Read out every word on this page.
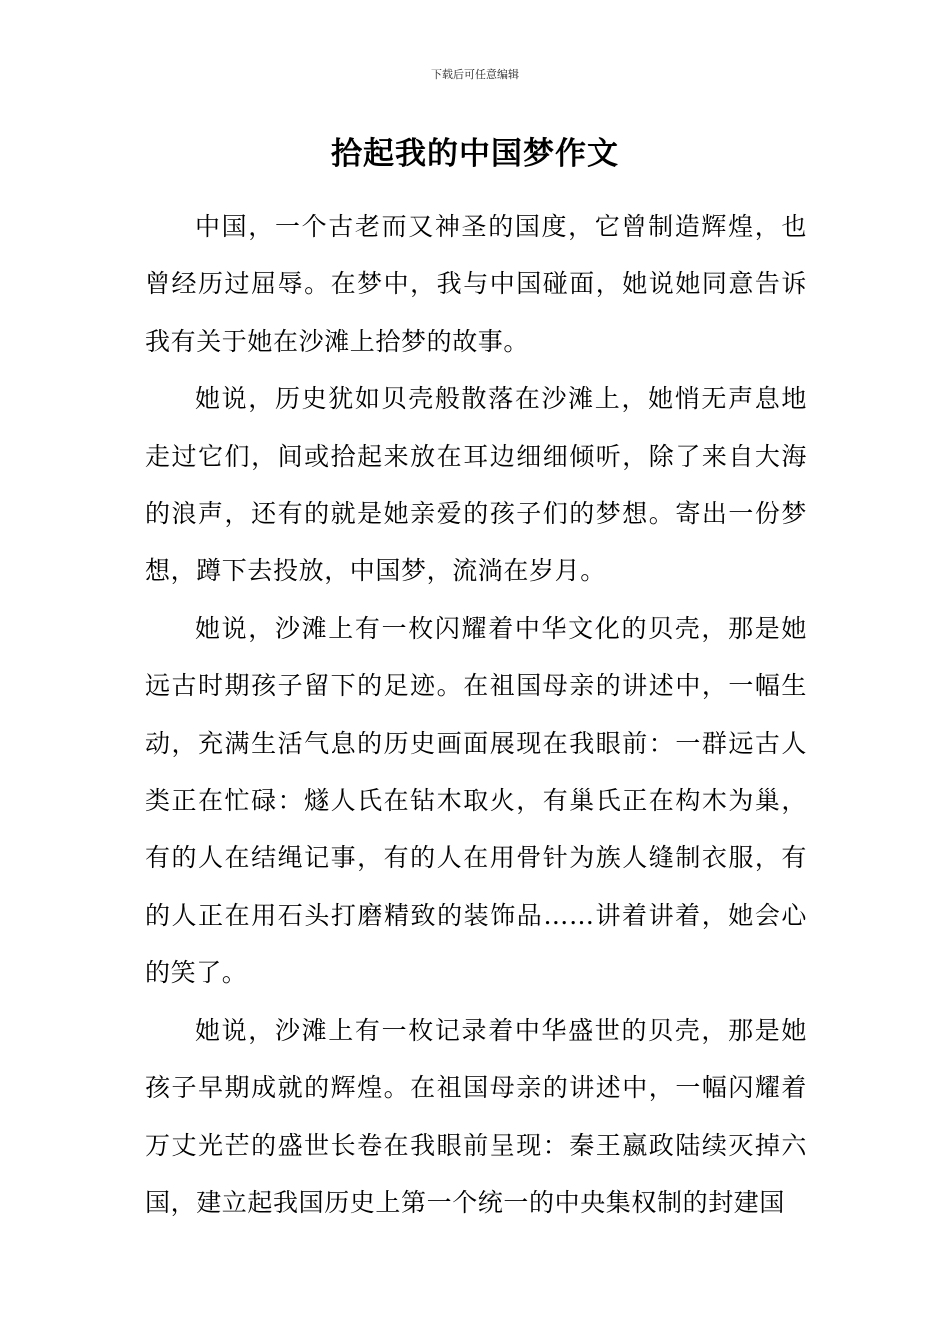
下载后可任意编辑
拾起我的中国梦作文

中国，一个古老而又神圣的国度，它曾制造辉煌，也曾经历过屈辱。在梦中，我与中国碰面，她说她同意告诉我有关于她在沙滩上拾梦的故事。

她说，历史犹如贝壳般散落在沙滩上，她悄无声息地走过它们，间或拾起来放在耳边细细倾听，除了来自大海的浪声，还有的就是她亲爱的孩子们的梦想。寄出一份梦想，蹲下去投放，中国梦，流淌在岁月。

她说，沙滩上有一枚闪耀着中华文化的贝壳，那是她远古时期孩子留下的足迹。在祖国母亲的讲述中，一幅生动，充满生活气息的历史画面展现在我眼前：一群远古人类正在忙碌：燧人氏在钻木取火，有巢氏正在构木为巢，有的人在结绳记事，有的人在用骨针为族人缝制衣服，有的人正在用石头打磨精致的装饰品……讲着讲着，她会心的笑了。

她说，沙滩上有一枚记录着中华盛世的贝壳，那是她孩子早期成就的辉煌。在祖国母亲的讲述中，一幅闪耀着万丈光芒的盛世长卷在我眼前呈现：秦王嬴政陆续灭掉六国，建立起我国历史上第一个统一的中央集权制的封建国
